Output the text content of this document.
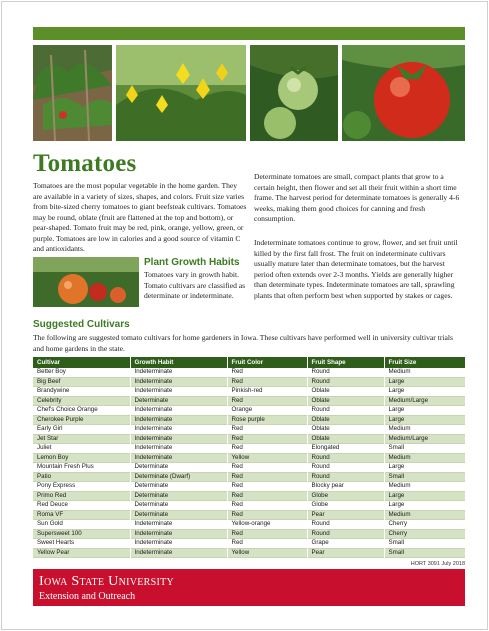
Tomatoes
Tomatoes are the most popular vegetable in the home garden. They are available in a variety of sizes, shapes, and colors. Fruit size varies from bite-sized cherry tomatoes to giant beefsteak cultivars. Tomatoes may be round, oblate (fruit are flattened at the top and bottom), or pear-shaped. Tomato fruit may be red, pink, orange, yellow, green, or purple. Tomatoes are low in calories and a good source of vitamin C and antioxidants.
Determinate tomatoes are small, compact plants that grow to a certain height, then flower and set all their fruit within a short time frame. The harvest period for determinate tomatoes is generally 4-6 weeks, making them good choices for canning and fresh consumption.
Indeterminate tomatoes continue to grow, flower, and set fruit until killed by the first fall frost. The fruit on indeterminate cultivars usually mature later than determinate tomatoes, but the harvest period often extends over 2-3 months. Yields are generally higher than determinate types. Indeterminate tomatoes are tall, sprawling plants that often perform best when supported by stakes or cages.
Plant Growth Habits
Tomatoes vary in growth habit. Tomato cultivars are classified as determinate or indeterminate.
Suggested Cultivars
The following are suggested tomato cultivars for home gardeners in Iowa. These cultivars have performed well in university cultivar trials and home gardens in the state.
Cultivar	Growth Habit	Fruit Color	Fruit Shape	Fruit Size
Better Boy	Indeterminate	Red	Round	Medium
Big Beef	Indeterminate	Red	Round	Large
Brandywine	Indeterminate	Pinkish-red	Oblate	Large
Celebrity	Determinate	Red	Oblate	Medium/Large
Chef's Choice Orange	Indeterminate	Orange	Round	Large
Cherokee Purple	Indeterminate	Rose purple	Oblate	Large
Early Girl	Indeterminate	Red	Oblate	Medium
Jet Star	Indeterminate	Red	Oblate	Medium/Large
Juliet	Indeterminate	Red	Elongated	Small
Lemon Boy	Indeterminate	Yellow	Round	Medium
Mountain Fresh Plus	Determinate	Red	Round	Large
Patio	Determinate (Dwarf)	Red	Round	Small
Pony Express	Determinate	Red	Blocky pear	Medium
Primo Red	Determinate	Red	Globe	Large
Red Deuce	Determinate	Red	Globe	Large
Roma VF	Determinate	Red	Pear	Medium
Sun Gold	Indeterminate	Yellow-orange	Round	Cherry
Supersweet 100	Indeterminate	Red	Round	Cherry
Sweet Hearts	Indeterminate	Red	Grape	Small
Yellow Pear	Indeterminate	Yellow	Pear	Small
HORT 3091 July 2018
Iowa State University
Extension and Outreach
